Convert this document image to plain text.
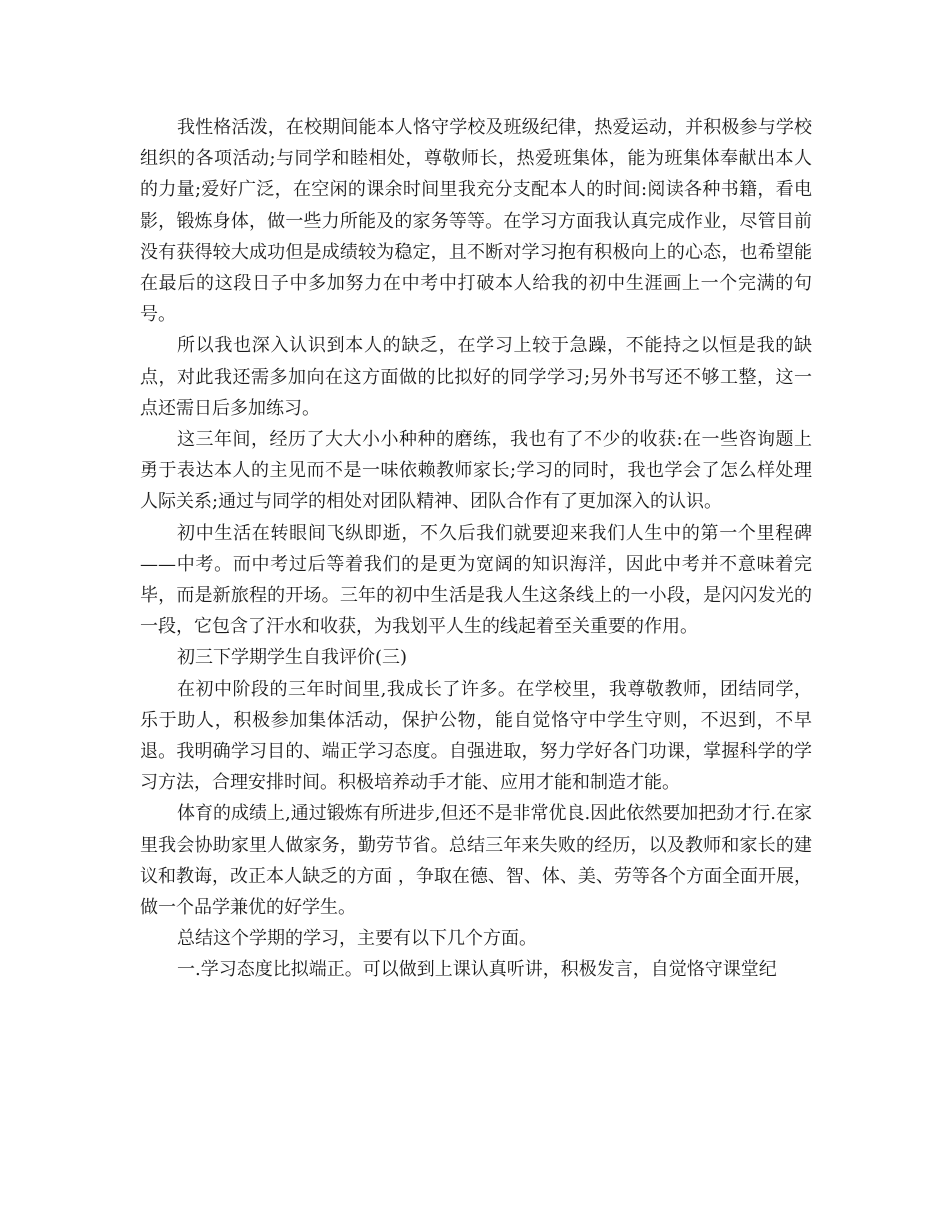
我性格活泼，在校期间能本人恪守学校及班级纪律，热爱运动，并积极参与学校组织的各项活动;与同学和睦相处，尊敬师长，热爱班集体，能为班集体奉献出本人的力量;爱好广泛，在空闲的课余时间里我充分支配本人的时间:阅读各种书籍，看电影，锻炼身体，做一些力所能及的家务等等。在学习方面我认真完成作业，尽管目前没有获得较大成功但是成绩较为稳定，且不断对学习抱有积极向上的心态，也希望能在最后的这段日子中多加努力在中考中打破本人给我的初中生涯画上一个完满的句号。

所以我也深入认识到本人的缺乏，在学习上较于急躁，不能持之以恒是我的缺点，对此我还需多加向在这方面做的比拟好的同学学习;另外书写还不够工整，这一点还需日后多加练习。

这三年间，经历了大大小小种种的磨练，我也有了不少的收获:在一些咨询题上勇于表达本人的主见而不是一味依赖教师家长;学习的同时，我也学会了怎么样处理人际关系;通过与同学的相处对团队精神、团队合作有了更加深入的认识。

初中生活在转眼间飞纵即逝，不久后我们就要迎来我们人生中的第一个里程碑——中考。而中考过后等着我们的是更为宽阔的知识海洋，因此中考并不意味着完毕，而是新旅程的开场。三年的初中生活是我人生这条线上的一小段，是闪闪发光的一段，它包含了汗水和收获，为我划平人生的线起着至关重要的作用。

初三下学期学生自我评价(三)

在初中阶段的三年时间里,我成长了许多。在学校里，我尊敬教师，团结同学，乐于助人，积极参加集体活动，保护公物，能自觉恪守中学生守则，不迟到，不早退。我明确学习目的、端正学习态度。自强进取，努力学好各门功课，掌握科学的学习方法，合理安排时间。积极培养动手才能、应用才能和制造才能。

体育的成绩上,通过锻炼有所进步,但还不是非常优良.因此依然要加把劲才行.在家里我会协助家里人做家务，勤劳节省。总结三年来失败的经历，以及教师和家长的建议和教诲，改正本人缺乏的方面 ，争取在德、智、体、美、劳等各个方面全面开展，做一个品学兼优的好学生。

总结这个学期的学习，主要有以下几个方面。

一.学习态度比拟端正。可以做到上课认真听讲，积极发言，自觉恪守课堂纪
